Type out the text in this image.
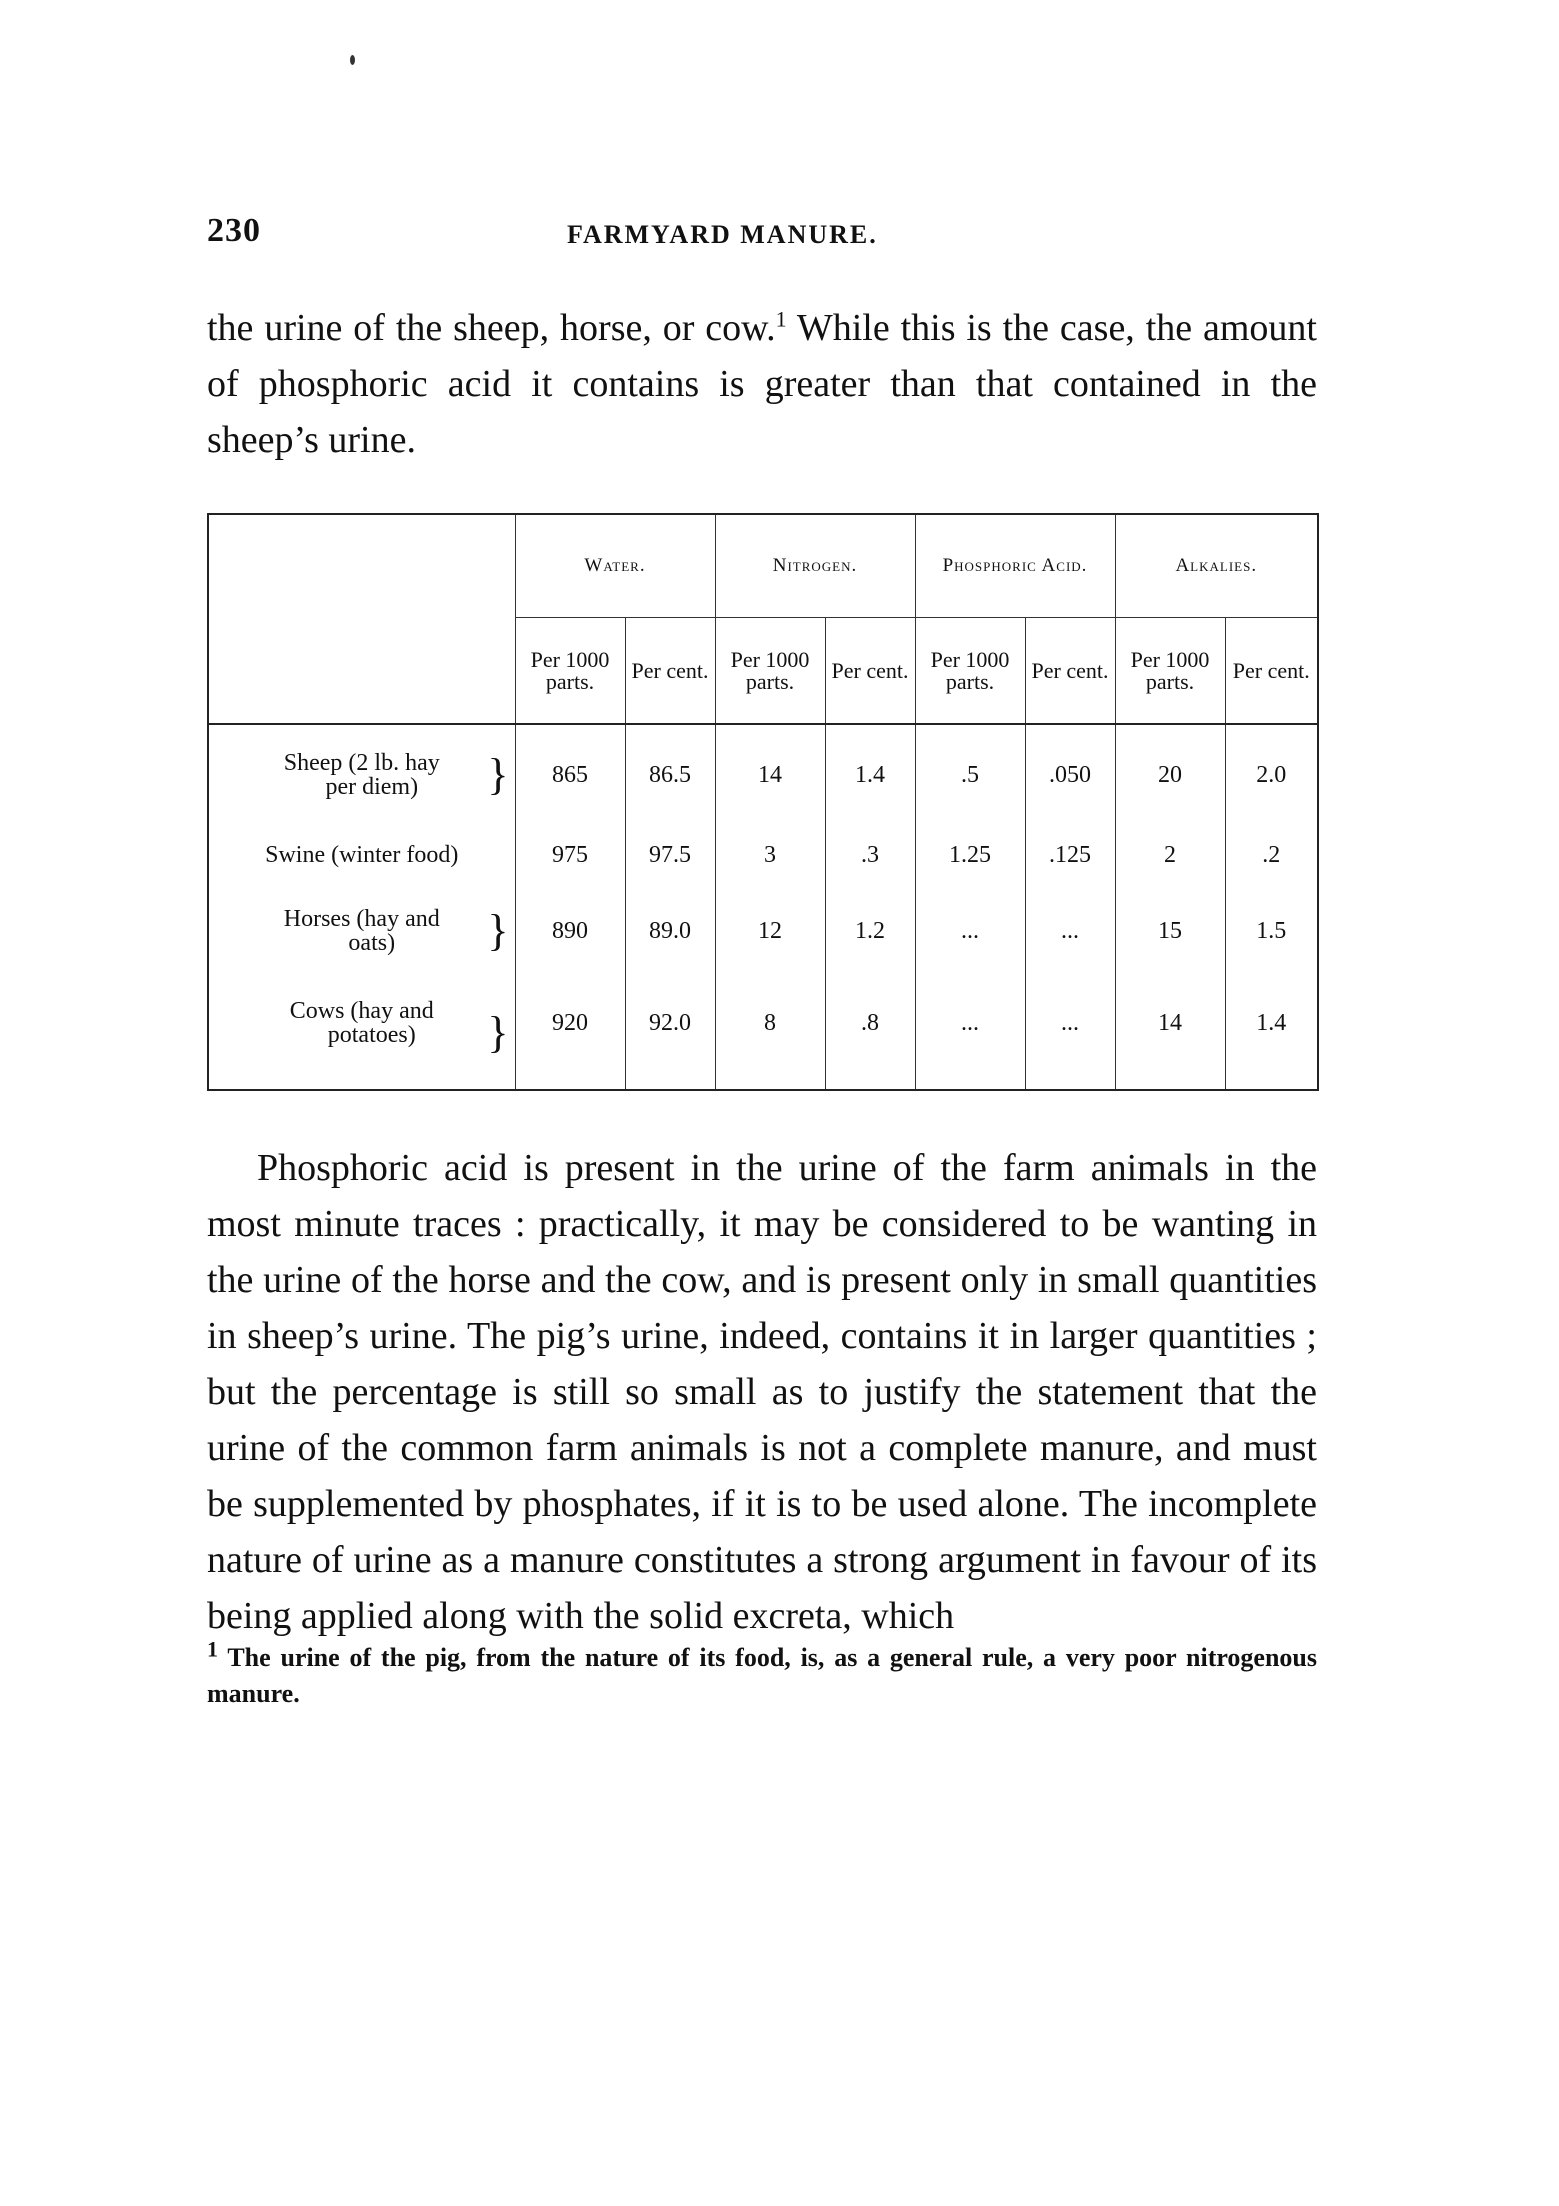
230	FARMYARD MANURE.

the urine of the sheep, horse, or cow.$^1$ While this is the case, the amount of phosphoric acid it contains is greater than that contained in the sheep’s urine.

	Water.		Nitrogen.		Phosphoric Acid.		Alkalies.	
	Per 1000 parts.	Per cent.	Per 1000 parts.	Per cent.	Per 1000 parts.	Per cent.	Per 1000 parts.	Per cent.
Sheep (2 lb. hay
per diem) }	865	86.5	14	1.4	.5	.050	20	2.0
Swine (winter food)	975	97.5	3	.3	1.25	.125	2	.2
Horses (hay and
oats) }	890	89.0	12	1.2	...	...	15	1.5
Cows (hay and
potatoes) }	920	92.0	8	.8	...	...	14	1.4

Phosphoric acid is present in the urine of the farm animals in the most minute traces : practically, it may be considered to be wanting in the urine of the horse and the cow, and is present only in small quantities in sheep’s urine. The pig’s urine, indeed, contains it in larger quantities ; but the percentage is still so small as to justify the statement that the urine of the common farm animals is not a complete manure, and must be supplemented by phosphates, if it is to be used alone. The incomplete nature of urine as a manure constitutes a strong argument in favour of its being applied along with the solid excreta, which

$^1$ The urine of the pig, from the nature of its food, is, as a general rule, a very poor nitrogenous manure.
